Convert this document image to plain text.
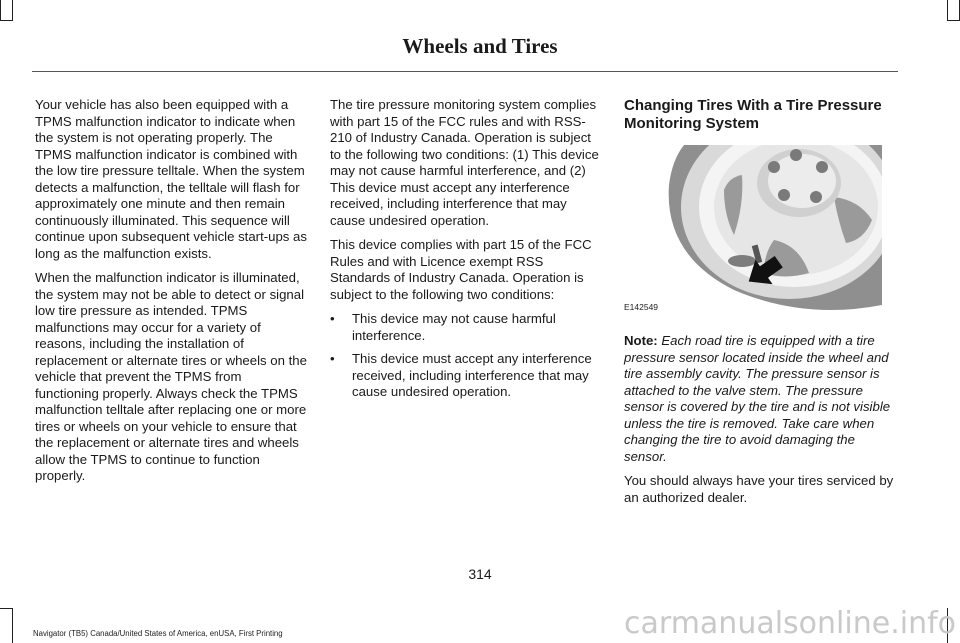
Wheels and Tires

Your vehicle has also been equipped with a TPMS malfunction indicator to indicate when the system is not operating properly. The TPMS malfunction indicator is combined with the low tire pressure telltale. When the system detects a malfunction, the telltale will flash for approximately one minute and then remain continuously illuminated. This sequence will continue upon subsequent vehicle start-ups as long as the malfunction exists.

When the malfunction indicator is illuminated, the system may not be able to detect or signal low tire pressure as intended. TPMS malfunctions may occur for a variety of reasons, including the installation of replacement or alternate tires or wheels on the vehicle that prevent the TPMS from functioning properly. Always check the TPMS malfunction telltale after replacing one or more tires or wheels on your vehicle to ensure that the replacement or alternate tires and wheels allow the TPMS to continue to function properly.

The tire pressure monitoring system complies with part 15 of the FCC rules and with RSS-210 of Industry Canada. Operation is subject to the following two conditions: (1) This device may not cause harmful interference, and (2) This device must accept any interference received, including interference that may cause undesired operation.

This device complies with part 15 of the FCC Rules and with Licence exempt RSS Standards of Industry Canada. Operation is subject to the following two conditions:

• This device may not cause harmful interference.
• This device must accept any interference received, including interference that may cause undesired operation.
Changing Tires With a Tire Pressure Monitoring System
E142549

Note: Each road tire is equipped with a tire pressure sensor located inside the wheel and tire assembly cavity. The pressure sensor is attached to the valve stem. The pressure sensor is covered by the tire and is not visible unless the tire is removed. Take care when changing the tire to avoid damaging the sensor.

You should always have your tires serviced by an authorized dealer.

314
Navigator (TB5) Canada/United States of America, enUSA, First Printing	carmanualsonline.info
